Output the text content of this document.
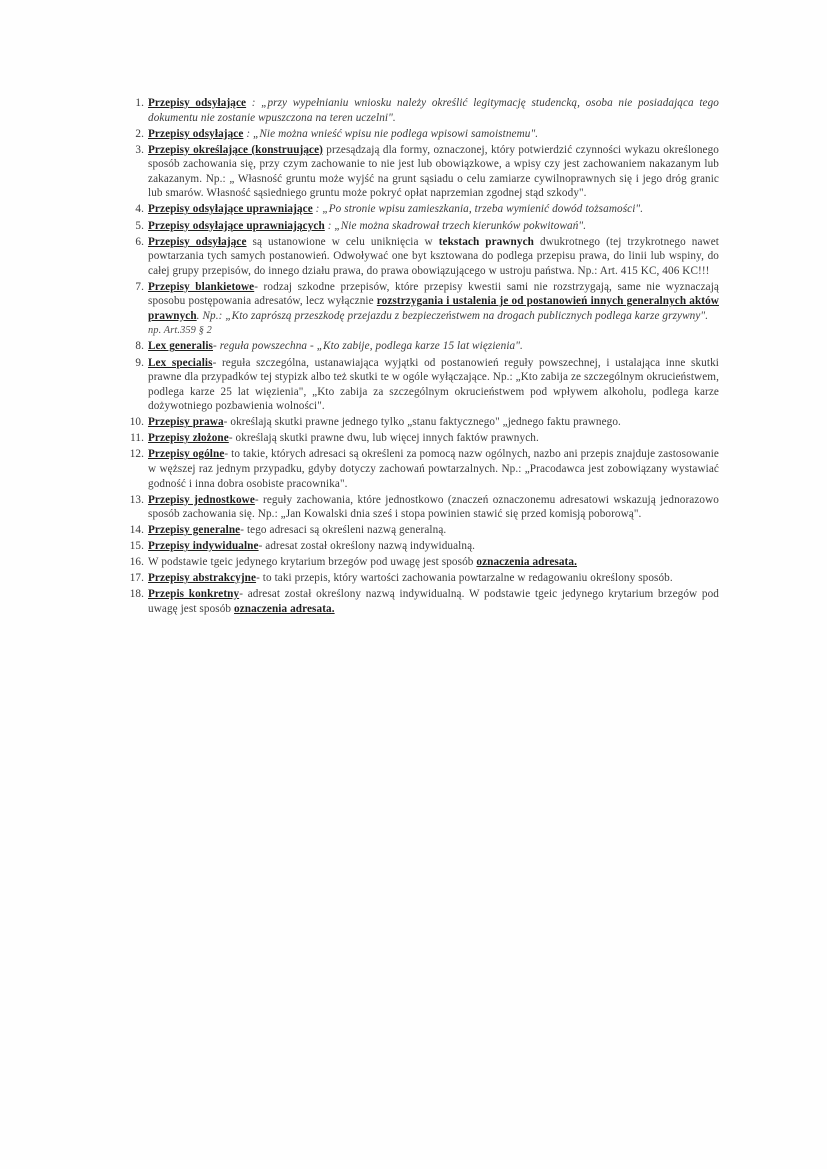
1. Przepisy odsyłające : „przy wypełnianiu wniosku należy określić legitymację studencką, osoba nie posiadająca tego dokumentu nie zostanie wpuszczona na teren uczelni".
2. Przepisy odsyłające : „Nie można wnieść wpisu nie podlega wpisowi samoistnemu".
3. Przepisy określające (konstruujące) przesądzają dla formy, oznaczonej, który potwierdzić czynności wykazu określonego sposób zachowania się, przy czym zachowanie to nie jest lub obowiązkowe, a wpisy czy jest zachowaniem nakazanym lub zakazanym. Np.: „ Własność gruntu może wyjść na grunt sąsiadu o celu zamiarze cywilnoprawnych się i jego dróg granic lub smarów. Własność sąsiedniego gruntu może pokryć opłat naprzemian zgodnej stąd szkody".
4. Przepisy odsyłające uprawniające : „Po stronie wpisu zamieszkania, trzeba wymienić dowód tożsamości".
5. Przepisy odsyłające uprawniających : „Nie można skadrował trzech kierunków pokwitowań".
6. Przepisy odsyłające są ustanowione w celu uniknięcia w tekstach prawnych dwukrotnego (tej trzykrotnego nawet powtarzania tych samych postanowień. Odwoływać one byt ksztowana do podlega przepisu prawa, do linii lub wspiny, do całej grupy przepisów, do innego działu prawa, do prawa obowiązującego w ustroju państwa. Np.: Art. 415 KC, 406 KC!!!
7. Przepisy blankietowe- rodzaj szkodne przepisów, które przepisy kwestii sami nie rozstrzygają, same nie wyznaczają sposobu postępowania adresatów, lecz wyłącznie rozstrzygania i ustalenia je od postanowień innych generalnych aktów prawnych. Np.: „Kto zaprószą przeszkodę przejazdu z bezpieczeństwem na drogach publicznych podlega karze grzywny".
np. Art.359 § 2
8. Lex generalis- reguła powszechna - „Kto zabije, podlega karze 15 lat więzienia".
9. Lex specialis- reguła szczególna, ustanawiająca wyjątki od postanowień reguły powszechnej, i ustalająca inne skutki prawne dla przypadków tej stypizk albo też skutki te w ogóle wyłączające. Np.: „Kto zabija ze szczególnym okrucieństwem, podlega karze 25 lat więzienia", „Kto zabija za szczególnym okrucieństwem pod wpływem alkoholu, podlega karze dożywotniego pozbawienia wolności".
10. Przepisy prawa- określają skutki prawne jednego tylko „stanu faktycznego" „jednego faktu prawnego.
11. Przepisy złożone- określają skutki prawne dwu, lub więcej innych faktów prawnych.
12. Przepisy ogólne- to takie, których adresaci są określeni za pomocą nazw ogólnych, nazbo ani przepis znajduje zastosowanie w węższej raz jednym przypadku, gdyby dotyczy zachowań powtarzalnych. Np.: „Pracodawca jest zobowiązany wystawiać godność i inna dobra osobiste pracownika".
13. Przepisy jednostkowe- reguły zachowania, które jednostkowo (znaczeń oznaczonemu adresatowi wskazują jednorazowo sposób zachowania się. Np.: „Jan Kowalski dnia sześ i stopa powinien stawić się przed komisją poborową".
14. Przepisy generalne- tego adresaci są określeni nazwą generalną.
15. Przepisy indywidualne- adresat został określony nazwą indywidualną.
16. W podstawie tgeic jedynego krytarium brzegów pod uwagę jest sposób oznaczenia adresata.
17. Przepisy abstrakcyjne- to taki przepis, który wartości zachowania powtarzalne w redagowaniu określony sposób.
18. Przepis konkretny- adresat został określony nazwą indywidualną. W podstawie tgeic jedynego krytarium brzegów pod uwagę jest sposób oznaczenia adresata.
